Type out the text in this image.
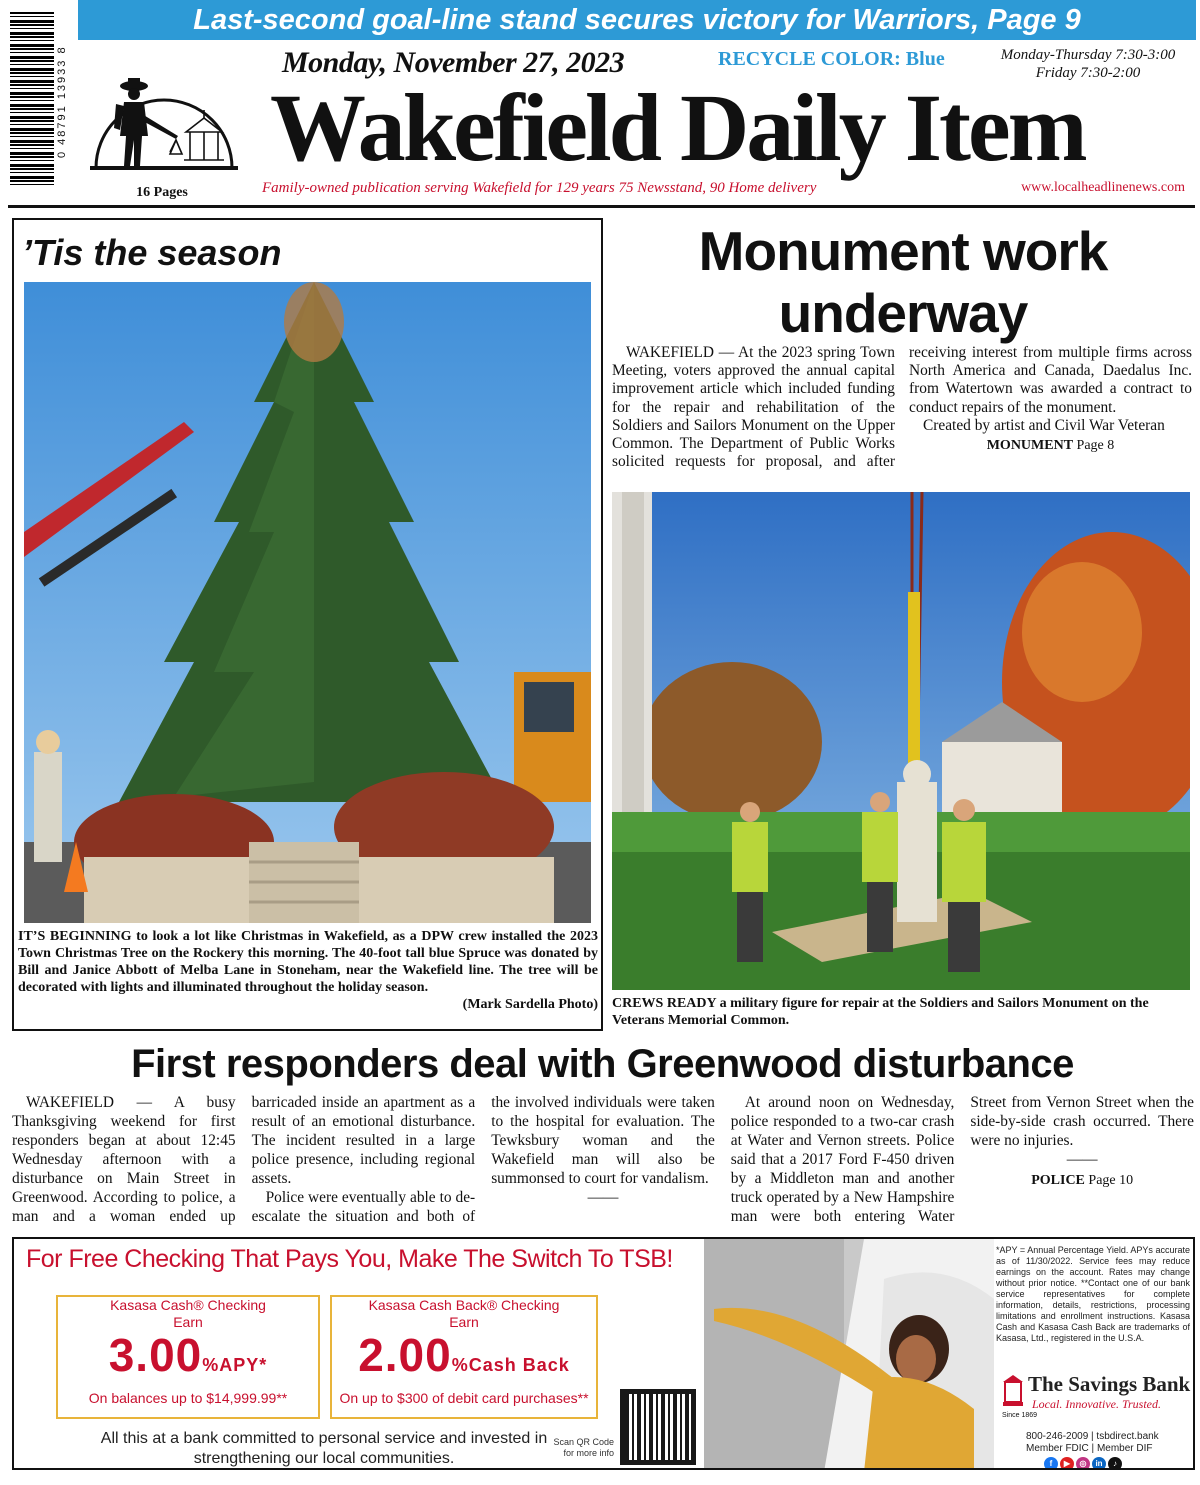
Last-second goal-line stand secures victory for Warriors, Page 9
0 48791 13933 8
16 Pages
Monday, November 27, 2023	RECYCLE COLOR: Blue	Monday-Thursday 7:30-3:00
Friday 7:30-2:00
Wakefield Daily Item
Family-owned publication serving Wakefield for 129 years 75 Newsstand, 90 Home delivery	www.localheadlinenews.com
’Tis the season
IT’S BEGINNING to look a lot like Christmas in Wakefield, as a DPW crew installed the 2023 Town Christmas Tree on the Rockery this morning. The 40-foot tall blue Spruce was donated by Bill and Janice Abbott of Melba Lane in Stoneham, near the Wakefield line. The tree will be decorated with lights and illuminated throughout the holiday season.
(Mark Sardella Photo)
Monument work underway

WAKEFIELD — At the 2023 spring Town Meeting, voters approved the annual capital improvement article which included funding for the repair and rehabilitation of the Soldiers and Sailors Monument on the Upper Common. The Department of Public Works solicited requests for proposal, and after receiving interest from multiple firms across North America and Canada, Daedalus Inc. from Watertown was awarded a contract to conduct repairs of the monument.

Created by artist and Civil War Veteran

MONUMENT Page 8
CREWS READY a military figure for repair at the Soldiers and Sailors Monument on the Veterans Memorial Common.
First responders deal with Greenwood disturbance

WAKEFIELD — A busy Thanksgiving weekend for first responders began at about 12:45 Wednesday afternoon with a disturbance on Main Street in Greenwood. According to police, a man and a woman ended up barricaded inside an apartment as a result of an emotional disturbance. The incident resulted in a large police presence, including regional assets.

Police were eventually able to de-escalate the situation and both of the involved individuals were taken to the hospital for evaluation. The Tewksbury woman and the Wakefield man will also be summonsed to court for vandalism.

——

At around noon on Wednesday, police responded to a two-car crash at Water and Vernon streets. Police said that a 2017 Ford F-450 driven by a Middleton man and another truck operated by a New Hampshire man were both entering Water Street from Vernon Street when the side-by-side crash occurred. There were no injuries.

——
POLICE Page 10
For Free Checking That Pays You, Make The Switch To TSB!
Kasasa Cash® Checking
Earn
3.00%APY*
On balances up to $14,999.99**
Kasasa Cash Back® Checking
Earn
2.00%Cash Back
On up to $300 of debit card purchases**
All this at a bank committed to personal service and invested in strengthening our local communities.
Scan QR Code for more info
*APY = Annual Percentage Yield. APYs accurate as of 11/30/2022. Service fees may reduce earnings on the account. Rates may change without prior notice. **Contact one of our bank service representatives for complete information, details, restrictions, processing limitations and enrollment instructions. Kasasa Cash and Kasasa Cash Back are trademarks of Kasasa, Ltd., registered in the U.S.A.
The Savings Bank
Local. Innovative. Trusted.
Since 1869
800-246-2009 | tsbdirect.bank
Member FDIC | Member DIF
f	▶	◎	in	♪
